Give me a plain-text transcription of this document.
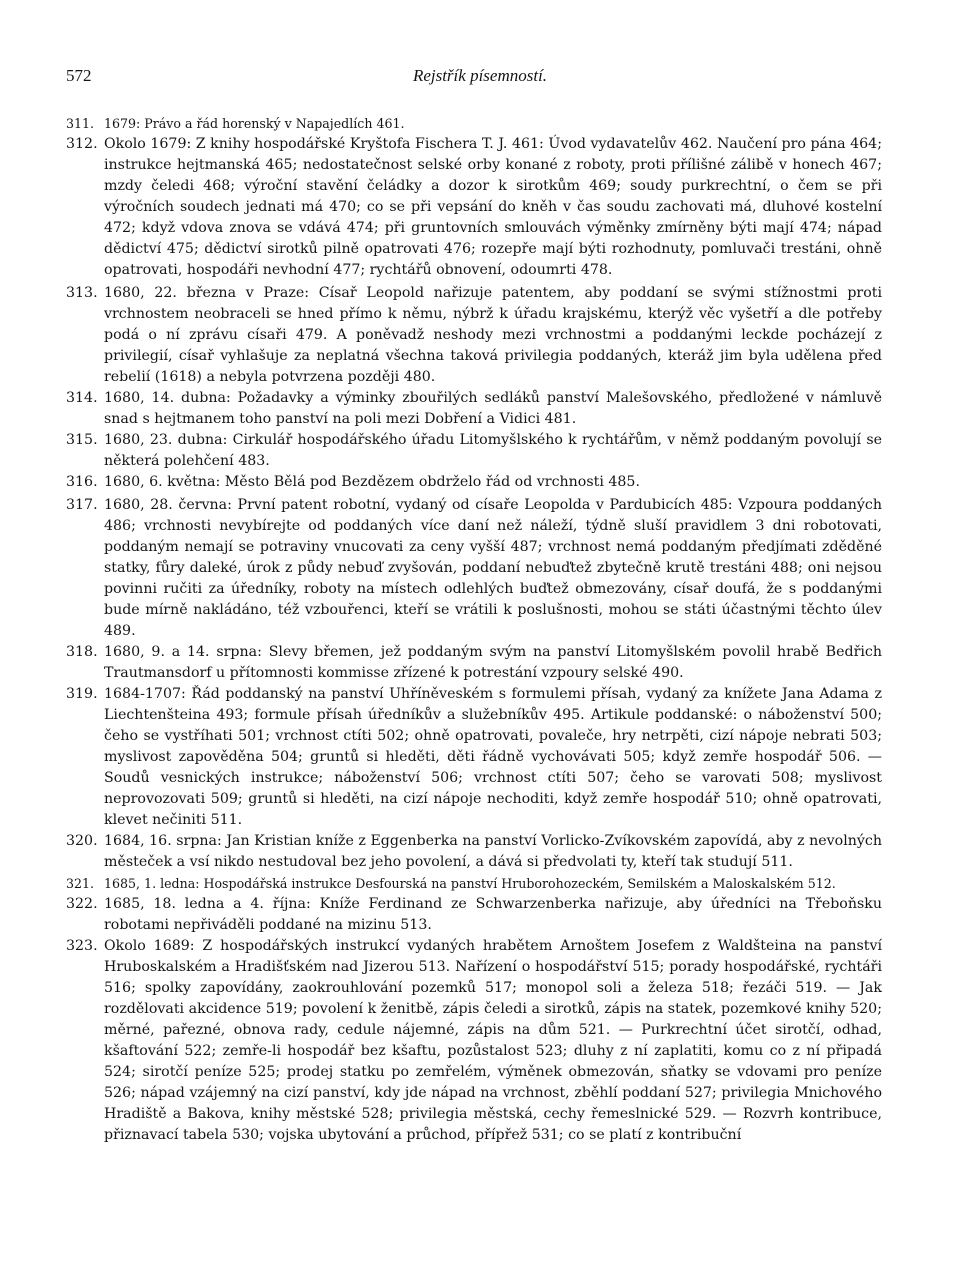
572	Rejstřík písemností.
311. 1679: Právo a řád horenský v Napajedlích 461.
312. Okolo 1679: Z knihy hospodářské Kryštofa Fischera T. J. 461: Úvod vydavatelův 462. Naučení pro pána 464; instrukce hejtmanská 465; nedostatečnost selské orby konané z roboty, proti přílišné zálibě v honech 467; mzdy čeledi 468; výroční stavění čeládky a dozor k sirotkům 469; soudy purkrechtní, o čem se při výročních soudech jednati má 470; co se při vepsání do kněh v čas soudu zachovati má, dluhové kostelní 472; když vdova znova se vdává 474; při gruntovních smlouvách výměnky zmírněny býti mají 474; nápad dědictví 475; dědictví sirotků pilně opatrovati 476; rozepře mají býti rozhodnuty, pomluvači trestáni, ohně opatrovati, hospodáři nevhodní 477; rychtářů obnovení, odoumrti 478.
313. 1680, 22. března v Praze: Císař Leopold nařizuje patentem, aby poddaní se svými stížnostmi proti vrchnostem neobraceli se hned přímo k němu, nýbrž k úřadu krajskému, kterýž věc vyšetří a dle potřeby podá o ní zprávu císaři 479. A poněvadž neshody mezi vrchnostmi a poddanými leckde pocházejí z privilegií, císař vyhlašuje za neplatná všechna taková privilegia poddaných, kteráž jim byla udělena před rebelií (1618) a nebyla potvrzena později 480.
314. 1680, 14. dubna: Požadavky a výminky zbouřilých sedláků panství Malešovského, předložené v námluvě snad s hejtmanem toho panství na poli mezi Dobření a Vidici 481.
315. 1680, 23. dubna: Cirkulář hospodářského úřadu Litomyšlského k rychtářům, v němž poddaným povolují se některá polehčení 483.
316. 1680, 6. května: Město Bělá pod Bezdězem obdrželo řád od vrchnosti 485.
317. 1680, 28. června: První patent robotní, vydaný od císaře Leopolda v Pardubicích 485: Vzpoura poddaných 486; vrchnosti nevybírejte od poddaných více daní než náleží, týdně sluší pravidlem 3 dni robotovati, poddaným nemají se potraviny vnucovati za ceny vyšší 487; vrchnost nemá poddaným předjímati zděděné statky, fůry daleké, úrok z půdy nebuď zvyšován, poddaní nebuďtež zbytečně krutě trestáni 488; oni nejsou povinni ručiti za úředníky, roboty na místech odlehlých buďtež obmezovány, císař doufá, že s poddanými bude mírně nakládáno, též vzbouřenci, kteří se vrátili k poslušnosti, mohou se státi účastnými těchto úlev 489.
318. 1680, 9. a 14. srpna: Slevy břemen, jež poddaným svým na panství Litomyšlském povolil hrabě Bedřich Trautmansdorf u přítomnosti kommisse zřízené k potrestání vzpoury selské 490.
319. 1684-1707: Řád poddanský na panství Uhříněveském s formulemi přísah, vydaný za knížete Jana Adama z Liechtenšteina 493; formule přísah úředníkův a služebníkův 495. Artikule poddanské: o náboženství 500; čeho se vystříhati 501; vrchnost ctíti 502; ohně opatrovati, povaleče, hry netrpěti, cizí nápoje nebrati 503; myslivost zapověděna 504; gruntů si hleděti, děti řádně vychovávati 505; když zemře hospodář 506. — Soudů vesnických instrukce; náboženství 506; vrchnost ctíti 507; čeho se varovati 508; myslivost neprovozovati 509; gruntů si hleděti, na cizí nápoje nechoditi, když zemře hospodář 510; ohně opatrovati, klevet nečiniti 511.
320. 1684, 16. srpna: Jan Kristian kníže z Eggenberka na panství Vorlicko-Zvíkovském zapovídá, aby z nevolných městeček a vsí nikdo nestudoval bez jeho povolení, a dává si předvolati ty, kteří tak studují 511.
321. 1685, 1. ledna: Hospodářská instrukce Desfourská na panství Hruborohozeckém, Semilském a Maloskalském 512.
322. 1685, 18. ledna a 4. října: Kníže Ferdinand ze Schwarzenberka nařizuje, aby úředníci na Třeboňsku robotami nepřiváděli poddané na mizinu 513.
323. Okolo 1689: Z hospodářských instrukcí vydaných hrabětem Arnoštem Josefem z Waldšteina na panství Hruboskalském a Hradišťském nad Jizerou 513. Nařízení o hospodářství 515; porady hospodářské, rychtáři 516; spolky zapovídány, zaokrouhlování pozemků 517; monopol soli a železa 518; řezáči 519. — Jak rozdělovati akcidence 519; povolení k ženitbě, zápis čeledi a sirotků, zápis na statek, pozemkové knihy 520; měrné, pařezné, obnova rady, cedule nájemné, zápis na dům 521. — Purkrechtní účet sirotčí, odhad, kšaftování 522; zemře-li hospodář bez kšaftu, pozůstalost 523; dluhy z ní zaplatiti, komu co z ní připadá 524; sirotčí peníze 525; prodej statku po zemřelém, výměnek obmezován, sňatky se vdovami pro peníze 526; nápad vzájemný na cizí panství, kdy jde nápad na vrchnost, zběhlí poddaní 527; privilegia Mnichového Hradiště a Bakova, knihy městské 528; privilegia městská, cechy řemeslnické 529. — Rozvrh kontribuce, přiznavací tabela 530; vojska ubytování a průchod, přípřež 531; co se platí z kontribuční
